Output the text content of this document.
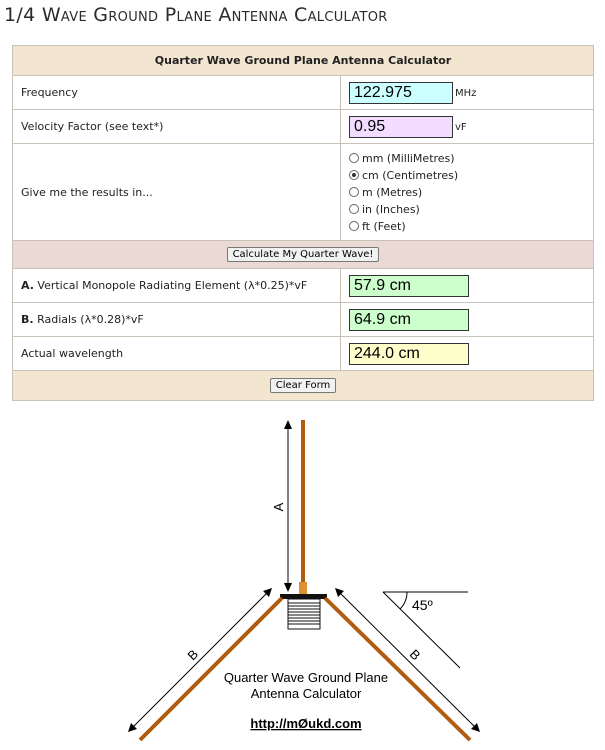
1/4 Wave Ground Plane Antenna Calculator
Quarter Wave Ground Plane Antenna Calculator	
Frequency	122.975MHz
Velocity Factor (see text*)	0.95vF
Give me the results in...	mm (MilliMetres)
cm (Centimetres)
m (Metres)
in (Inches)
ft (Feet)

Calculate My Quarter Wave!	
A. Vertical Monopole Radiating Element (λ*0.25)*vF	57.9 cm
B. Radials (λ*0.28)*vF	64.9 cm
Actual wavelength	244.0 cm
Clear Form	
A
B	B
45º
Quarter Wave Ground Plane
Antenna Calculator
http://mØukd.com
